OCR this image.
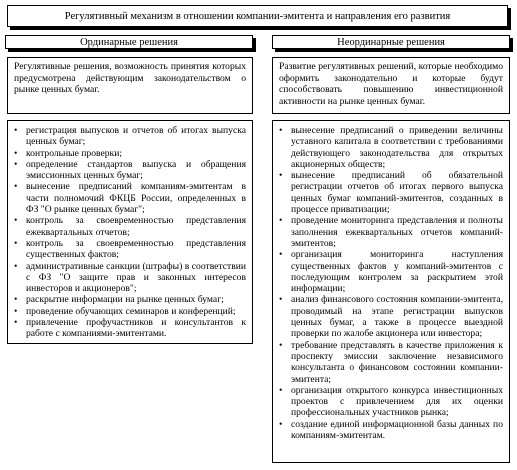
Регулятивный механизм в отношении компании-эмитента и направления его развития
Ординарные решения	Неординарные решения
Регулятивные решения, возможность принятия которых предусмотрена действующим законодательством о рынке ценных бумаг.
Развитие регулятивных решений, которые необходимо оформить законодательно и которые будут способствовать повышению инвестиционной активности на рынке ценных бумаг.
• регистрация выпусков и отчетов об итогах выпуска ценных бумаг;
• контрольные проверки;
• определение стандартов выпуска и обращения эмиссионных ценных бумаг;
• вынесение предписаний компаниям-эмитентам в части полномочий ФКЦБ России, определенных в ФЗ "О рынке ценных бумаг";
• контроль за своевременностью представления ежеквартальных отчетов;
• контроль за своевременностью представления существенных фактов;
• административные санкции (штрафы) в соответствии с ФЗ "О защите прав и законных интересов инвесторов и акционеров";
• раскрытие информации на рынке ценных бумаг;
• проведение обучающих семинаров и конференций;
• привлечение профучастников и консультантов к работе с компаниями-эмитентами.
• вынесение предписаний о приведении величины уставного капитала в соответствии с требованиями действующего законодательства для открытых акционерных обществ;
• вынесение предписаний об обязательной регистрации отчетов об итогах первого выпуска ценных бумаг компаний-эмитентов, созданных в процессе приватизации;
• проведение мониторинга представления и полноты заполнения ежеквартальных отчетов компаний-эмитентов;
• организация мониторинга наступления существенных фактов у компаний-эмитентов с последующим контролем за раскрытием этой информации;
• анализ финансового состояния компании-эмитента, проводимый на этапе регистрации выпусков ценных бумаг, а также в процессе выездной проверки по жалобе акционера или инвестора;
• требование представлять в качестве приложения к проспекту эмиссии заключение независимого консультанта о финансовом состоянии компании-эмитента;
• организация открытого конкурса инвестиционных проектов с привлечением для их оценки профессиональных участников рынка;
• создание единой информационной базы данных по компаниям-эмитентам.
